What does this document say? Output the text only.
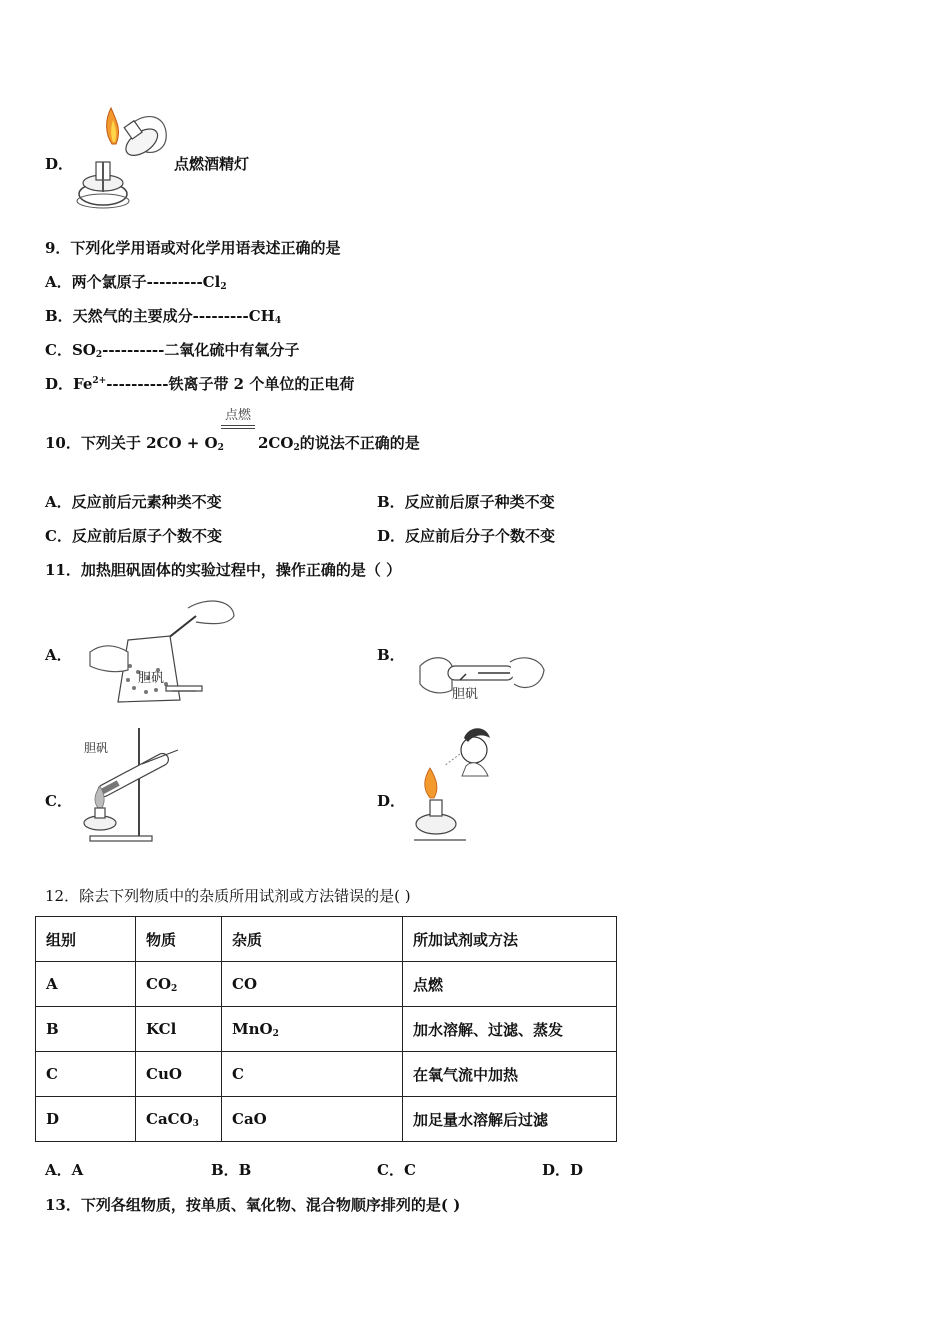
D．	点燃酒精灯
9．下列化学用语或对化学用语表述正确的是
A．两个氯原子$---------Cl_2$
B．天然气的主要成分$---------CH_4$
C．$SO_2----------$二氧化硫中有氧分子
D．$Fe^{2+}----------$铁离子带 2 个单位的正电荷
点燃
10．下列关于 $2CO + O_2$ $2CO_2$的说法不正确的是
A．反应前后元素种类不变	B．反应前后原子种类不变
C．反应前后原子个数不变	D．反应前后分子个数不变
11．加热胆矾固体的实验过程中，操作正确的是（ ）
A．
胆矾
B．
胆矾
C．
胆矾
D．
12．除去下列物质中的杂质所用试剂或方法错误的是( )
组别	物质	杂质	所加试剂或方法
A	$CO_2$	CO	点燃
B	KCl	MnO$_2$	加水溶解、过滤、蒸发
C	CuO	C	在氧气流中加热
D	CaCO$_3$	CaO	加足量水溶解后过滤
A．A	B．B	C．C	D．D
13．下列各组物质，按单质、氧化物、混合物顺序排列的是( )
